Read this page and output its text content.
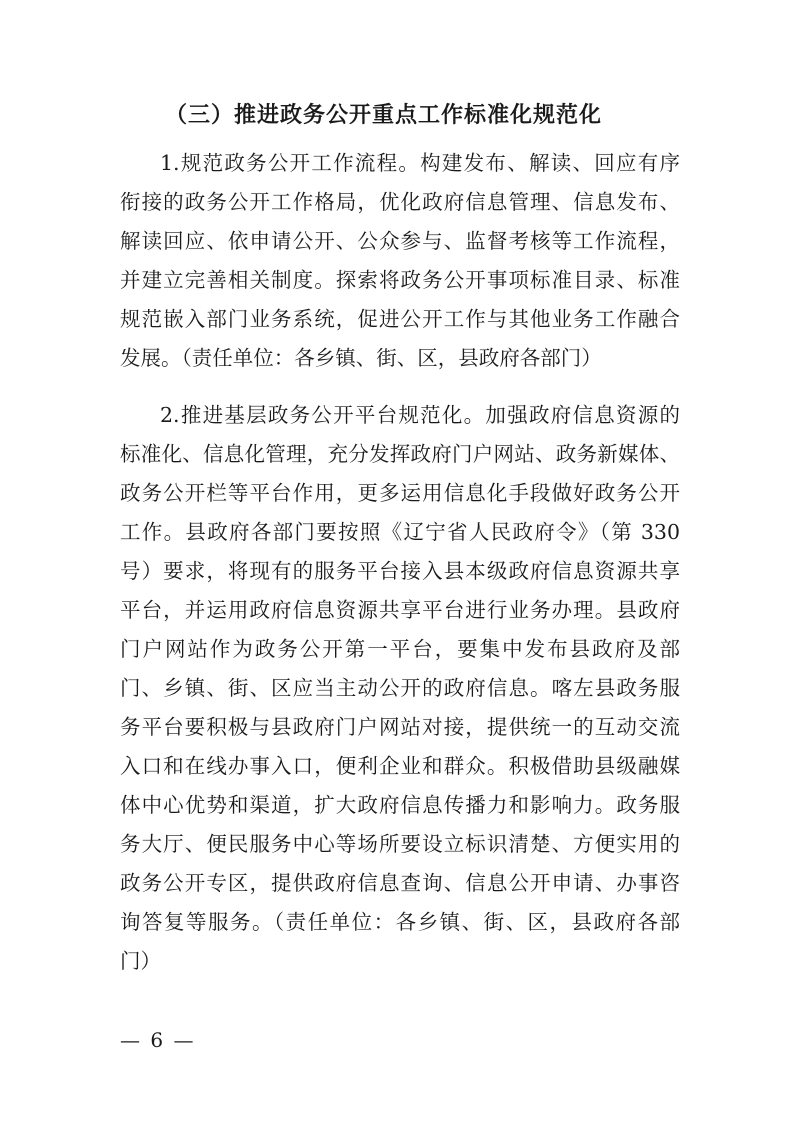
（三）推进政务公开重点工作标准化规范化
1.规范政务公开工作流程。构建发布、解读、回应有序
衔接的政务公开工作格局，优化政府信息管理、信息发布、
解读回应、依申请公开、公众参与、监督考核等工作流程，
并建立完善相关制度。探索将政务公开事项标准目录、标准
规范嵌入部门业务系统，促进公开工作与其他业务工作融合
发展。（责任单位：各乡镇、街、区，县政府各部门）
2.推进基层政务公开平台规范化。加强政府信息资源的
标准化、信息化管理，充分发挥政府门户网站、政务新媒体、
政务公开栏等平台作用，更多运用信息化手段做好政务公开
工作。县政府各部门要按照《辽宁省人民政府令》（第 330
号）要求，将现有的服务平台接入县本级政府信息资源共享
平台，并运用政府信息资源共享平台进行业务办理。县政府
门户网站作为政务公开第一平台，要集中发布县政府及部
门、乡镇、街、区应当主动公开的政府信息。喀左县政务服
务平台要积极与县政府门户网站对接，提供统一的互动交流
入口和在线办事入口，便利企业和群众。积极借助县级融媒
体中心优势和渠道，扩大政府信息传播力和影响力。政务服
务大厅、便民服务中心等场所要设立标识清楚、方便实用的
政务公开专区，提供政府信息查询、信息公开申请、办事咨
询答复等服务。（责任单位：各乡镇、街、区，县政府各部
门）
— 6 —
